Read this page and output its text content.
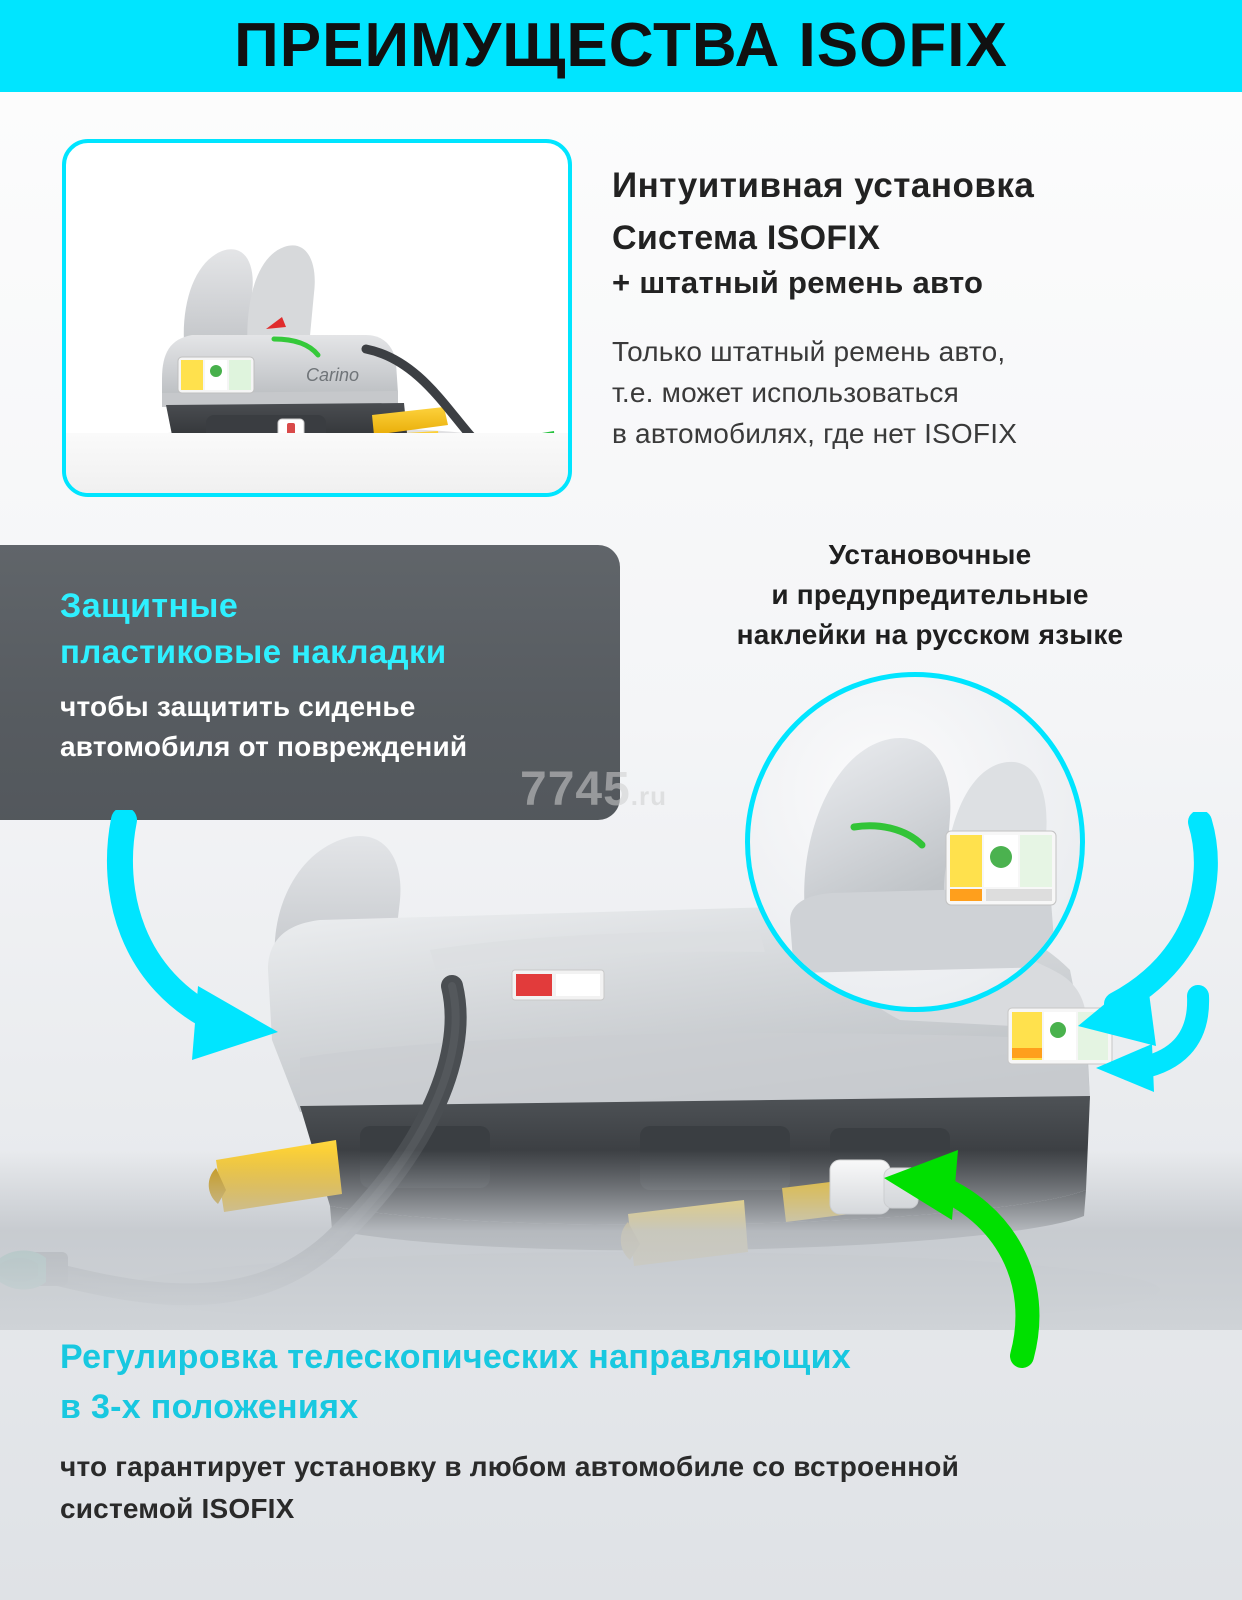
ПРЕИМУЩЕСТВА ISOFIX
Carino
Интуитивная установка
Система ISOFIX
+ штатный ремень авто
Только штатный ремень авто,
т.е. может использоваться
в автомобилях, где нет ISOFIX
Защитные
пластиковые накладки
чтобы защитить сиденье
автомобиля от повреждений
Установочные
и предупредительные
наклейки на русском языке
7745.ru
Регулировка телескопических направляющих
в 3-х положениях
что гарантирует установку в любом автомобиле со встроенной
системой ISOFIX
